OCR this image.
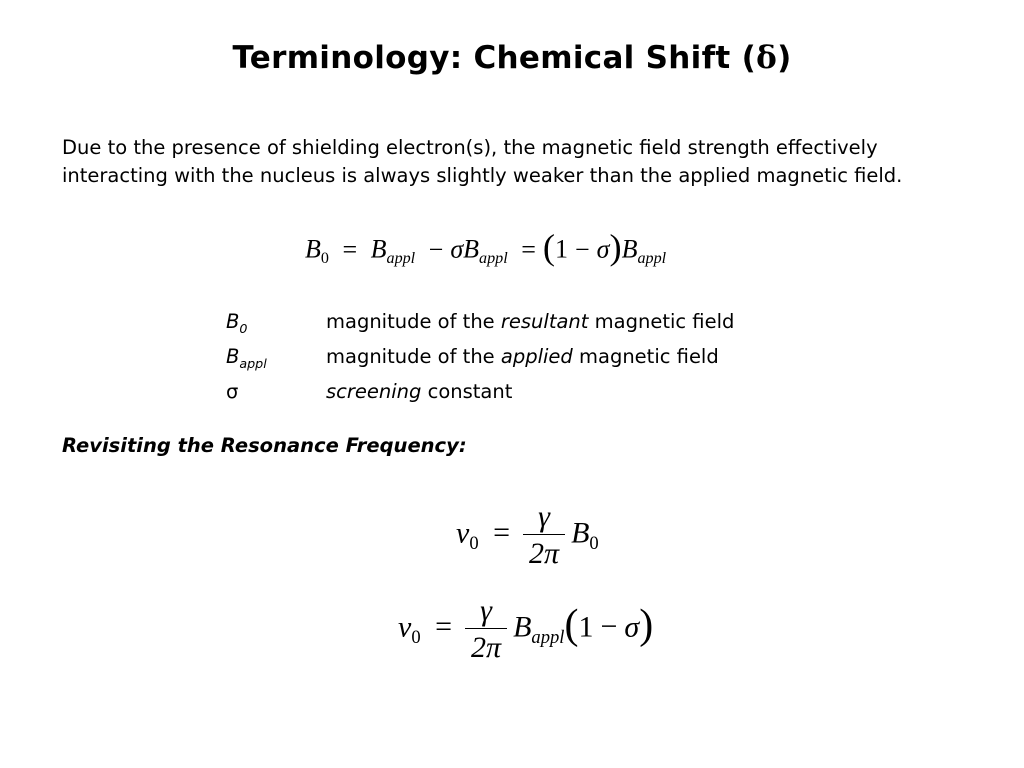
Terminology: Chemical Shift (δ)
Due to the presence of shielding electron(s), the magnetic field strength effectively interacting with the nucleus is always slightly weaker than the applied magnetic field.
$B_0 = B_{appl} - \sigma B_{appl} = (1 - \sigma)B_{appl}$
$B_0$	magnitude of the resultant magnetic field
$B_{appl}$	magnitude of the applied magnetic field
σ	screening constant
Revisiting the Resonance Frequency:
$v_0 = \frac{\gamma}{2\pi} B_0$
$v_0 = \frac{\gamma}{2\pi} B_{appl}(1 - \sigma)$
